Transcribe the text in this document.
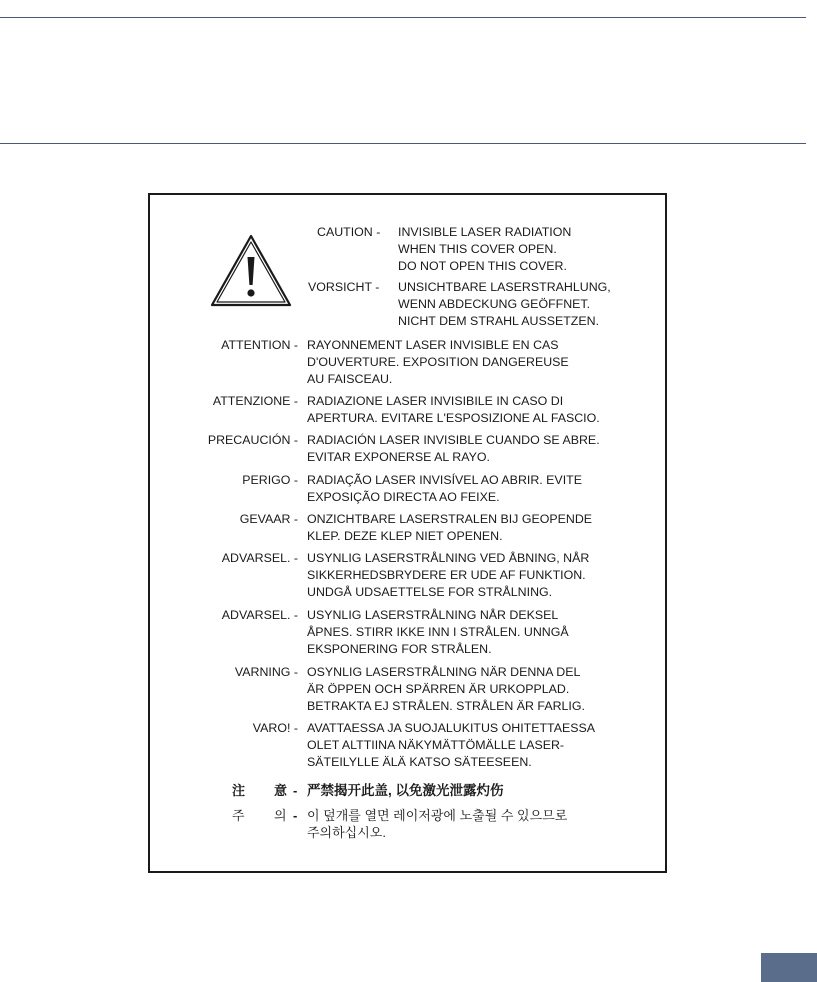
CAUTION - INVISIBLE LASER RADIATION
WHEN THIS COVER OPEN.
DO NOT OPEN THIS COVER.
VORSICHT - UNSICHTBARE LASERSTRAHLUNG,
WENN ABDECKUNG GEÖFFNET.
NICHT DEM STRAHL AUSSETZEN.
ATTENTION - RAYONNEMENT LASER INVISIBLE EN CAS
D'OUVERTURE. EXPOSITION DANGEREUSE
AU FAISCEAU.
ATTENZIONE - RADIAZIONE LASER INVISIBILE IN CASO DI
APERTURA. EVITARE L'ESPOSIZIONE AL FASCIO.
PRECAUCIÓN - RADIACIÓN LASER INVISIBLE CUANDO SE ABRE.
EVITAR EXPONERSE AL RAYO.
PERIGO - RADIAÇÃO LASER INVISÍVEL AO ABRIR. EVITE
EXPOSIÇÃO DIRECTA AO FEIXE.
GEVAAR - ONZICHTBARE LASERSTRALEN BIJ GEOPENDE
KLEP. DEZE KLEP NIET OPENEN.
ADVARSEL. - USYNLIG LASERSTRÅLNING VED ÅBNING, NÅR
SIKKERHEDSBRYDERE ER UDE AF FUNKTION.
UNDGÅ UDSAETTELSE FOR STRÅLNING.
ADVARSEL. - USYNLIG LASERSTRÅLNING NÅR DEKSEL
ÅPNES. STIRR IKKE INN I STRÅLEN. UNNGÅ
EKSPONERING FOR STRÅLEN.
VARNING - OSYNLIG LASERSTRÅLNING NÄR DENNA DEL
ÄR ÖPPEN OCH SPÄRREN ÄR URKOPPLAD.
BETRAKTA EJ STRÅLEN. STRÅLEN ÄR FARLIG.
VARO! - AVATTAESSA JA SUOJALUKITUS OHITETTAESSA
OLET ALTTIINA NÄKYMÄTTÖMÄLLE LASER-
SÄTEILYLLE ÄLÄ KATSO SÄTEESEEN.
注 意 - 严禁揭开此盖, 以免激光泄露灼伤
주 의 - 이 덮개를 열면 레이저광에 노출될 수 있으므로
주의하십시오.
